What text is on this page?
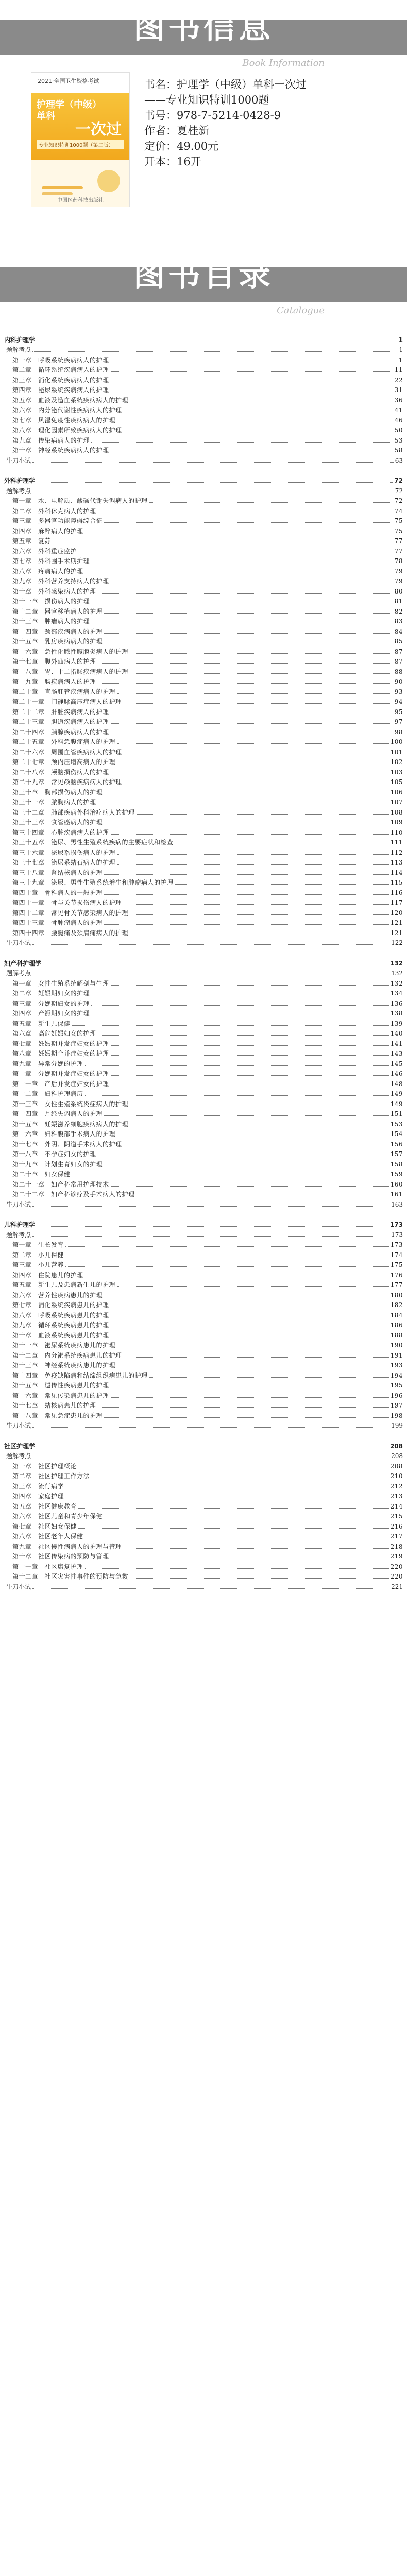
图书信息
Book Information
2021·全国卫生资格考试
护理学（中级）
单科
一次过
专业知识特训1000题（第二版）
中国医药科技出版社
书名：护理学（中级）单科一次过
——专业知识特训1000题
书号：978-7-5214-0428-9
作者：夏桂新
定价：49.00元
开本：16开
图书目录
Catalogue
内科护理学	1
题解考点	1
第一章　呼吸系统疾病病人的护理	1
第二章　循环系统疾病病人的护理	11
第三章　消化系统疾病病人的护理	22
第四章　泌尿系统疾病病人的护理	31
第五章　血液及造血系统疾病病人的护理	36
第六章　内分泌代谢性疾病病人的护理	41
第七章　风湿免疫性疾病病人的护理	46
第八章　理化因素所致疾病病人的护理	50
第九章　传染病病人的护理	53
第十章　神经系统疾病病人的护理	58
牛刀小试	63
外科护理学	72
题解考点	72
第一章　水、电解质、酸碱代谢失调病人的护理	72
第二章　外科休克病人的护理	74
第三章　多器官功能障碍综合征	75
第四章　麻醉病人的护理	75
第五章　复苏	77
第六章　外科重症监护	77
第七章　外科围手术期护理	78
第八章　疼痛病人的护理	79
第九章　外科营养支持病人的护理	79
第十章　外科感染病人的护理	80
第十一章　损伤病人的护理	81
第十二章　器官移植病人的护理	82
第十三章　肿瘤病人的护理	83
第十四章　颈部疾病病人的护理	84
第十五章　乳房疾病病人的护理	85
第十六章　急性化脓性腹膜炎病人的护理	87
第十七章　腹外疝病人的护理	87
第十八章　胃、十二指肠疾病病人的护理	88
第十九章　肠疾病病人的护理	90
第二十章　直肠肛管疾病病人的护理	93
第二十一章　门静脉高压症病人的护理	94
第二十二章　肝脏疾病病人的护理	95
第二十三章　胆道疾病病人的护理	97
第二十四章　胰腺疾病病人的护理	98
第二十五章　外科急腹症病人的护理	100
第二十六章　周围血管疾病病人的护理	101
第二十七章　颅内压增高病人的护理	102
第二十八章　颅脑损伤病人的护理	103
第二十九章　常见颅脑疾病病人的护理	105
第三十章　胸部损伤病人的护理	106
第三十一章　脓胸病人的护理	107
第三十二章　肺部疾病外科治疗病人的护理	108
第三十三章　食管癌病人的护理	109
第三十四章　心脏疾病病人的护理	110
第三十五章　泌尿、男性生殖系统疾病的主要症状和检查	111
第三十六章　泌尿系损伤病人的护理	112
第三十七章　泌尿系结石病人的护理	113
第三十八章　肾结核病人的护理	114
第三十九章　泌尿、男性生殖系统增生和肿瘤病人的护理	115
第四十章　骨科病人的一般护理	116
第四十一章　骨与关节损伤病人的护理	117
第四十二章　常见骨关节感染病人的护理	120
第四十三章　骨肿瘤病人的护理	121
第四十四章　腰腿痛及颈肩痛病人的护理	121
牛刀小试	122
妇产科护理学	132
题解考点	132
第一章　女性生殖系统解剖与生理	132
第二章　妊娠期妇女的护理	134
第三章　分娩期妇女的护理	136
第四章　产褥期妇女的护理	138
第五章　新生儿保健	139
第六章　高危妊娠妇女的护理	140
第七章　妊娠期并发症妇女的护理	141
第八章　妊娠期合并症妇女的护理	143
第九章　异常分娩的护理	145
第十章　分娩期并发症妇女的护理	146
第十一章　产后并发症妇女的护理	148
第十二章　妇科护理病历	149
第十三章　女性生殖系统炎症病人的护理	149
第十四章　月经失调病人的护理	151
第十五章　妊娠滋养细胞疾病病人的护理	153
第十六章　妇科腹部手术病人的护理	154
第十七章　外阴、阴道手术病人的护理	156
第十八章　不孕症妇女的护理	157
第十九章　计划生育妇女的护理	158
第二十章　妇女保健	159
第二十一章　妇产科常用护理技术	160
第二十二章　妇产科诊疗及手术病人的护理	161
牛刀小试	163
儿科护理学	173
题解考点	173
第一章　生长发育	173
第二章　小儿保健	174
第三章　小儿营养	175
第四章　住院患儿的护理	176
第五章　新生儿及患病新生儿的护理	177
第六章　营养性疾病患儿的护理	180
第七章　消化系统疾病患儿的护理	182
第八章　呼吸系统疾病患儿的护理	184
第九章　循环系统疾病患儿的护理	186
第十章　血液系统疾病患儿的护理	188
第十一章　泌尿系统疾病患儿的护理	190
第十二章　内分泌系统疾病患儿的护理	191
第十三章　神经系统疾病患儿的护理	193
第十四章　免疫缺陷病和结缔组织病患儿的护理	194
第十五章　遗传性疾病患儿的护理	195
第十六章　常见传染病患儿的护理	196
第十七章　结核病患儿的护理	197
第十八章　常见急症患儿的护理	198
牛刀小试	199
社区护理学	208
题解考点	208
第一章　社区护理概论	208
第二章　社区护理工作方法	210
第三章　流行病学	212
第四章　家庭护理	213
第五章　社区健康教育	214
第六章　社区儿童和青少年保健	215
第七章　社区妇女保健	216
第八章　社区老年人保健	217
第九章　社区慢性病病人的护理与管理	218
第十章　社区传染病的预防与管理	219
第十一章　社区康复护理	220
第十二章　社区灾害性事件的预防与急救	220
牛刀小试	221
